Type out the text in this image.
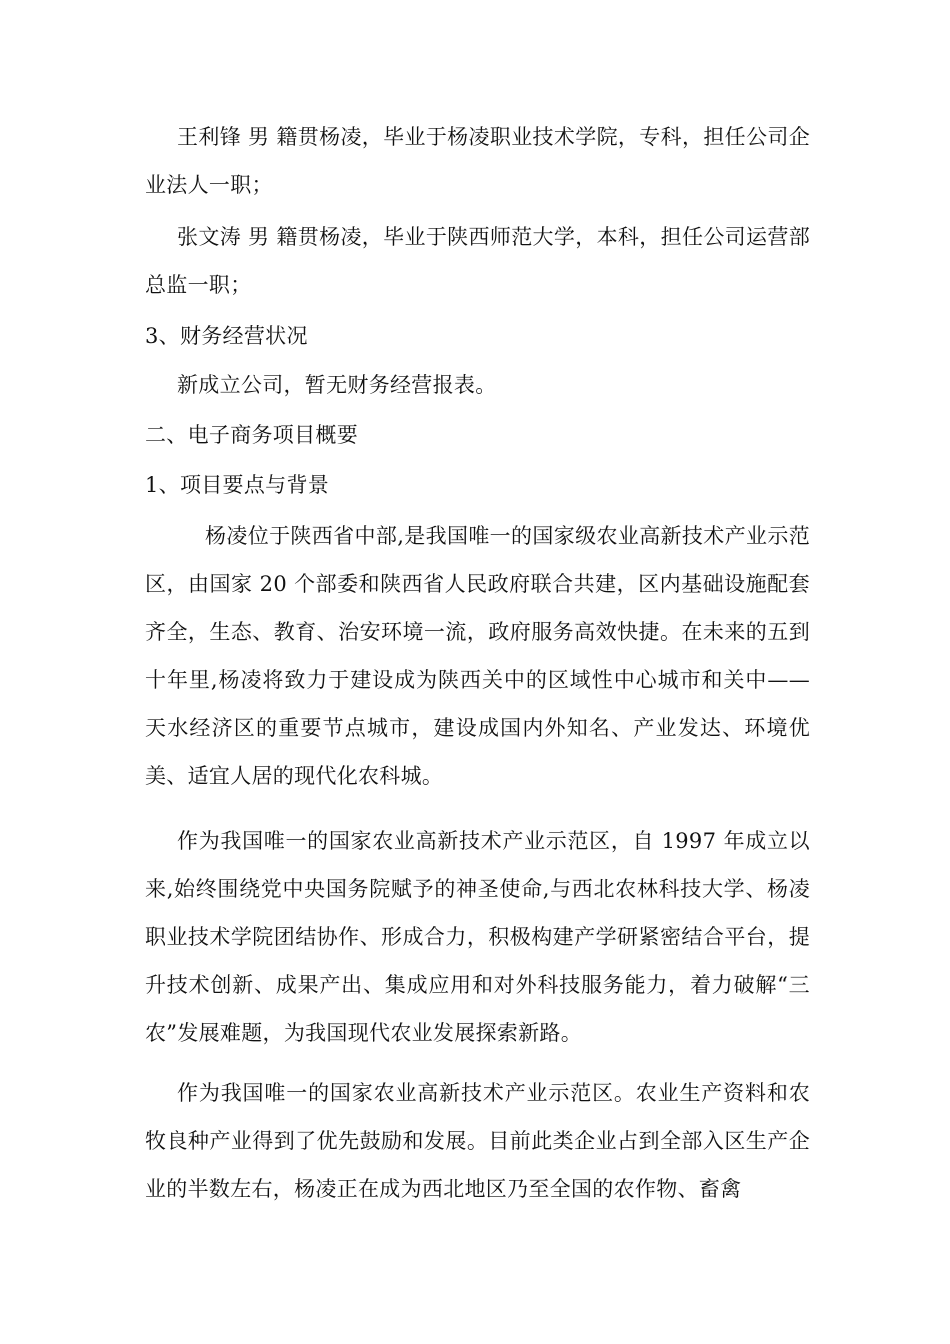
王利锋 男 籍贯杨凌，毕业于杨凌职业技术学院，专科，担任公司企业法人一职；

张文涛 男 籍贯杨凌，毕业于陕西师范大学，本科，担任公司运营部总监一职；

3、财务经营状况

新成立公司，暂无财务经营报表。

二、电子商务项目概要

1、项目要点与背景

杨凌位于陕西省中部,是我国唯一的国家级农业高新技术产业示范区，由国家 20 个部委和陕西省人民政府联合共建，区内基础设施配套齐全，生态、教育、治安环境一流，政府服务高效快捷。在未来的五到十年里,杨凌将致力于建设成为陕西关中的区域性中心城市和关中——天水经济区的重要节点城市，建设成国内外知名、产业发达、环境优美、适宜人居的现代化农科城。

作为我国唯一的国家农业高新技术产业示范区，自 1997 年成立以来,始终围绕党中央国务院赋予的神圣使命,与西北农林科技大学、杨凌职业技术学院团结协作、形成合力，积极构建产学研紧密结合平台，提升技术创新、成果产出、集成应用和对外科技服务能力，着力破解“三农”发展难题，为我国现代农业发展探索新路。

作为我国唯一的国家农业高新技术产业示范区。农业生产资料和农牧良种产业得到了优先鼓励和发展。目前此类企业占到全部入区生产企业的半数左右，杨凌正在成为西北地区乃至全国的农作物、畜禽
